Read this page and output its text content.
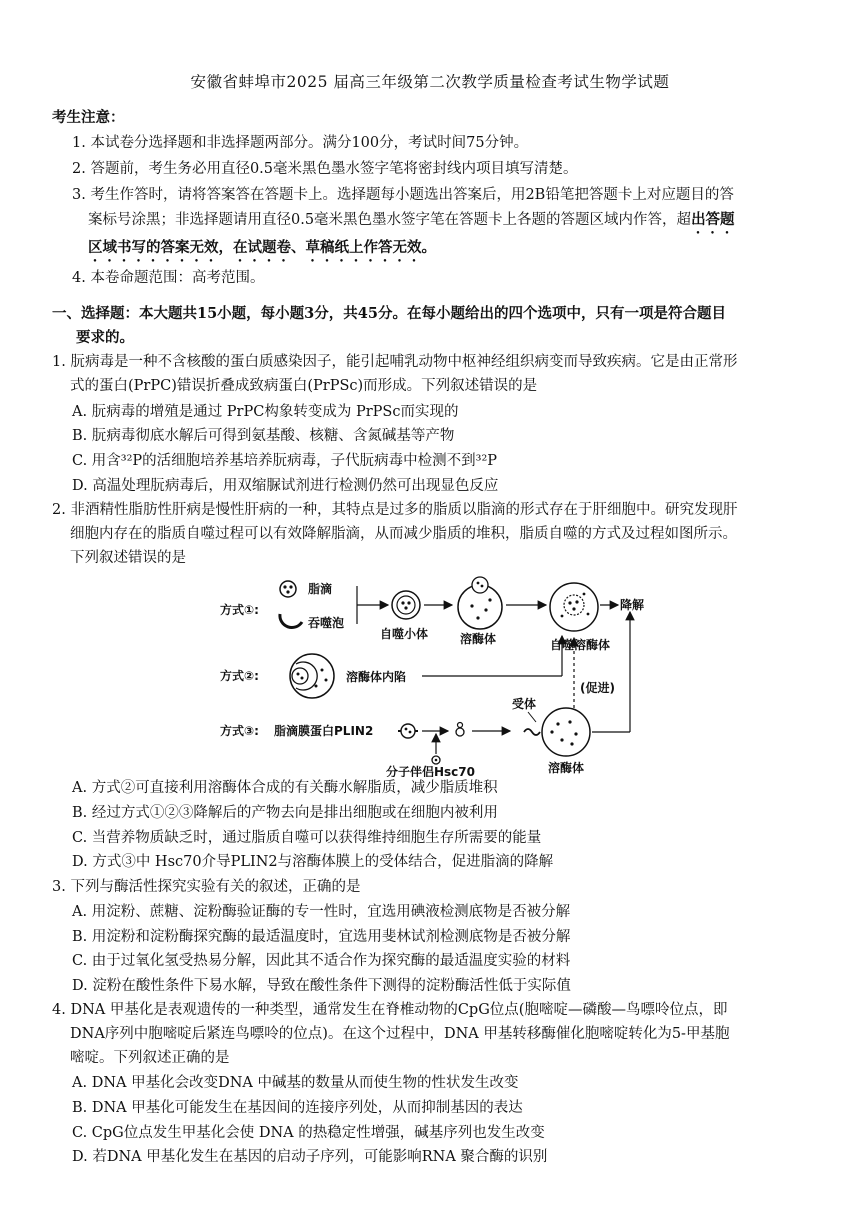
安徽省蚌埠市2025 届高三年级第二次教学质量检查考试生物学试题
考生注意：
1. 本试卷分选择题和非选择题两部分。满分100分，考试时间75分钟。
2. 答题前，考生务必用直径0.5毫米黑色墨水签字笔将密封线内项目填写清楚。
3. 考生作答时，请将答案答在答题卡上。选择题每小题选出答案后，用2B铅笔把答题卡上对应题目的答
案标号涂黑；非选择题请用直径0.5毫米黑色墨水签字笔在答题卡上各题的答题区域内作答，超出答题
区域书写的答案无效，在试题卷、草稿纸上作答无效。
4. 本卷命题范围：高考范围。
一、选择题：本大题共15小题，每小题3分，共45分。在每小题给出的四个选项中，只有一项是符合题目
要求的。
1. 朊病毒是一种不含核酸的蛋白质感染因子，能引起哺乳动物中枢神经组织病变而导致疾病。它是由正常形
式的蛋白(PrPC)错误折叠成致病蛋白(PrPSc)而形成。下列叙述错误的是
A. 朊病毒的增殖是通过 PrPC构象转变成为 PrPSc而实现的
B. 朊病毒彻底水解后可得到氨基酸、核糖、含氮碱基等产物
C. 用含³²P的活细胞培养基培养朊病毒，子代朊病毒中检测不到³²P
D. 高温处理朊病毒后，用双缩脲试剂进行检测仍然可出现显色反应
2. 非酒精性脂肪性肝病是慢性肝病的一种，其特点是过多的脂质以脂滴的形式存在于肝细胞中。研究发现肝
细胞内存在的脂质自噬过程可以有效降解脂滴，从而减少脂质的堆积，脂质自噬的方式及过程如图所示。
下列叙述错误的是
方式①:
脂滴
吞噬泡
自噬小体	溶酶体	自噬溶酶体
降解
方式②:	溶酶体内陷
(促进)
方式③: 脂滴膜蛋白PLIN2
分子伴侣Hsc70
受体
溶酶体
A. 方式②可直接利用溶酶体合成的有关酶水解脂质，减少脂质堆积
B. 经过方式①②③降解后的产物去向是排出细胞或在细胞内被利用
C. 当营养物质缺乏时，通过脂质自噬可以获得维持细胞生存所需要的能量
D. 方式③中 Hsc70介导PLIN2与溶酶体膜上的受体结合，促进脂滴的降解
3. 下列与酶活性探究实验有关的叙述，正确的是
A. 用淀粉、蔗糖、淀粉酶验证酶的专一性时，宜选用碘液检测底物是否被分解
B. 用淀粉和淀粉酶探究酶的最适温度时，宜选用斐林试剂检测底物是否被分解
C. 由于过氧化氢受热易分解，因此其不适合作为探究酶的最适温度实验的材料
D. 淀粉在酸性条件下易水解，导致在酸性条件下测得的淀粉酶活性低于实际值
4. DNA 甲基化是表观遗传的一种类型，通常发生在脊椎动物的CpG位点(胞嘧啶—磷酸—鸟嘌呤位点，即
DNA序列中胞嘧啶后紧连鸟嘌呤的位点)。在这个过程中，DNA 甲基转移酶催化胞嘧啶转化为5-甲基胞
嘧啶。下列叙述正确的是
A. DNA 甲基化会改变DNA 中碱基的数量从而使生物的性状发生改变
B. DNA 甲基化可能发生在基因间的连接序列处，从而抑制基因的表达
C. CpG位点发生甲基化会使 DNA 的热稳定性增强，碱基序列也发生改变
D. 若DNA 甲基化发生在基因的启动子序列，可能影响RNA 聚合酶的识别
